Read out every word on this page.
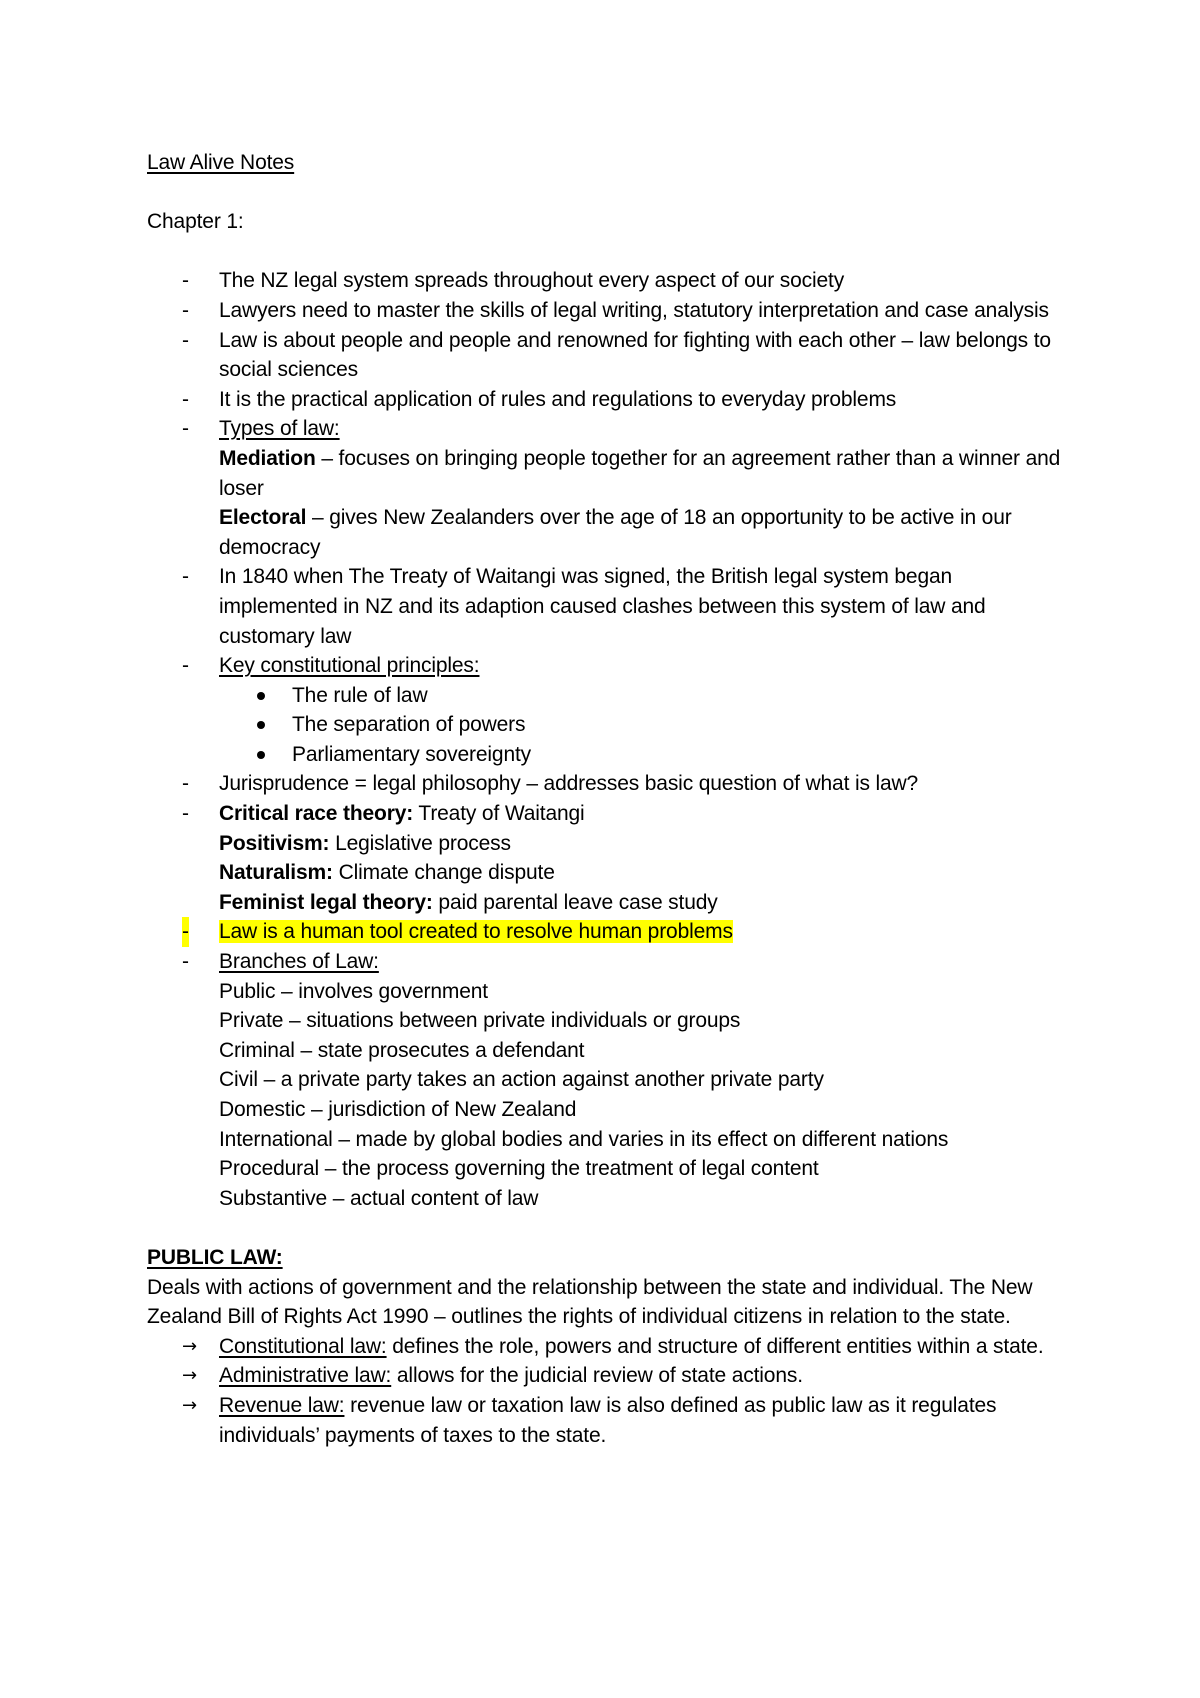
Law Alive Notes
Chapter 1:
- The NZ legal system spreads throughout every aspect of our society
- Lawyers need to master the skills of legal writing, statutory interpretation and case analysis
- Law is about people and people and renowned for fighting with each other – law belongs to social sciences
- It is the practical application of rules and regulations to everyday problems
- Types of law:
Mediation – focuses on bringing people together for an agreement rather than a winner and loser
Electoral – gives New Zealanders over the age of 18 an opportunity to be active in our democracy
- In 1840 when The Treaty of Waitangi was signed, the British legal system began implemented in NZ and its adaption caused clashes between this system of law and customary law
- Key constitutional principles:
The rule of law
The separation of powers
Parliamentary sovereignty
- Jurisprudence = legal philosophy – addresses basic question of what is law?
- Critical race theory: Treaty of Waitangi
Positivism: Legislative process
Naturalism: Climate change dispute
Feminist legal theory: paid parental leave case study
- Law is a human tool created to resolve human problems
- Branches of Law:
Public – involves government
Private – situations between private individuals or groups
Criminal – state prosecutes a defendant
Civil – a private party takes an action against another private party
Domestic – jurisdiction of New Zealand
International – made by global bodies and varies in its effect on different nations
Procedural – the process governing the treatment of legal content
Substantive – actual content of law
PUBLIC LAW:
Deals with actions of government and the relationship between the state and individual. The New Zealand Bill of Rights Act 1990 – outlines the rights of individual citizens in relation to the state.
→ Constitutional law: defines the role, powers and structure of different entities within a state.
→ Administrative law: allows for the judicial review of state actions.
→ Revenue law: revenue law or taxation law is also defined as public law as it regulates individuals’ payments of taxes to the state.
